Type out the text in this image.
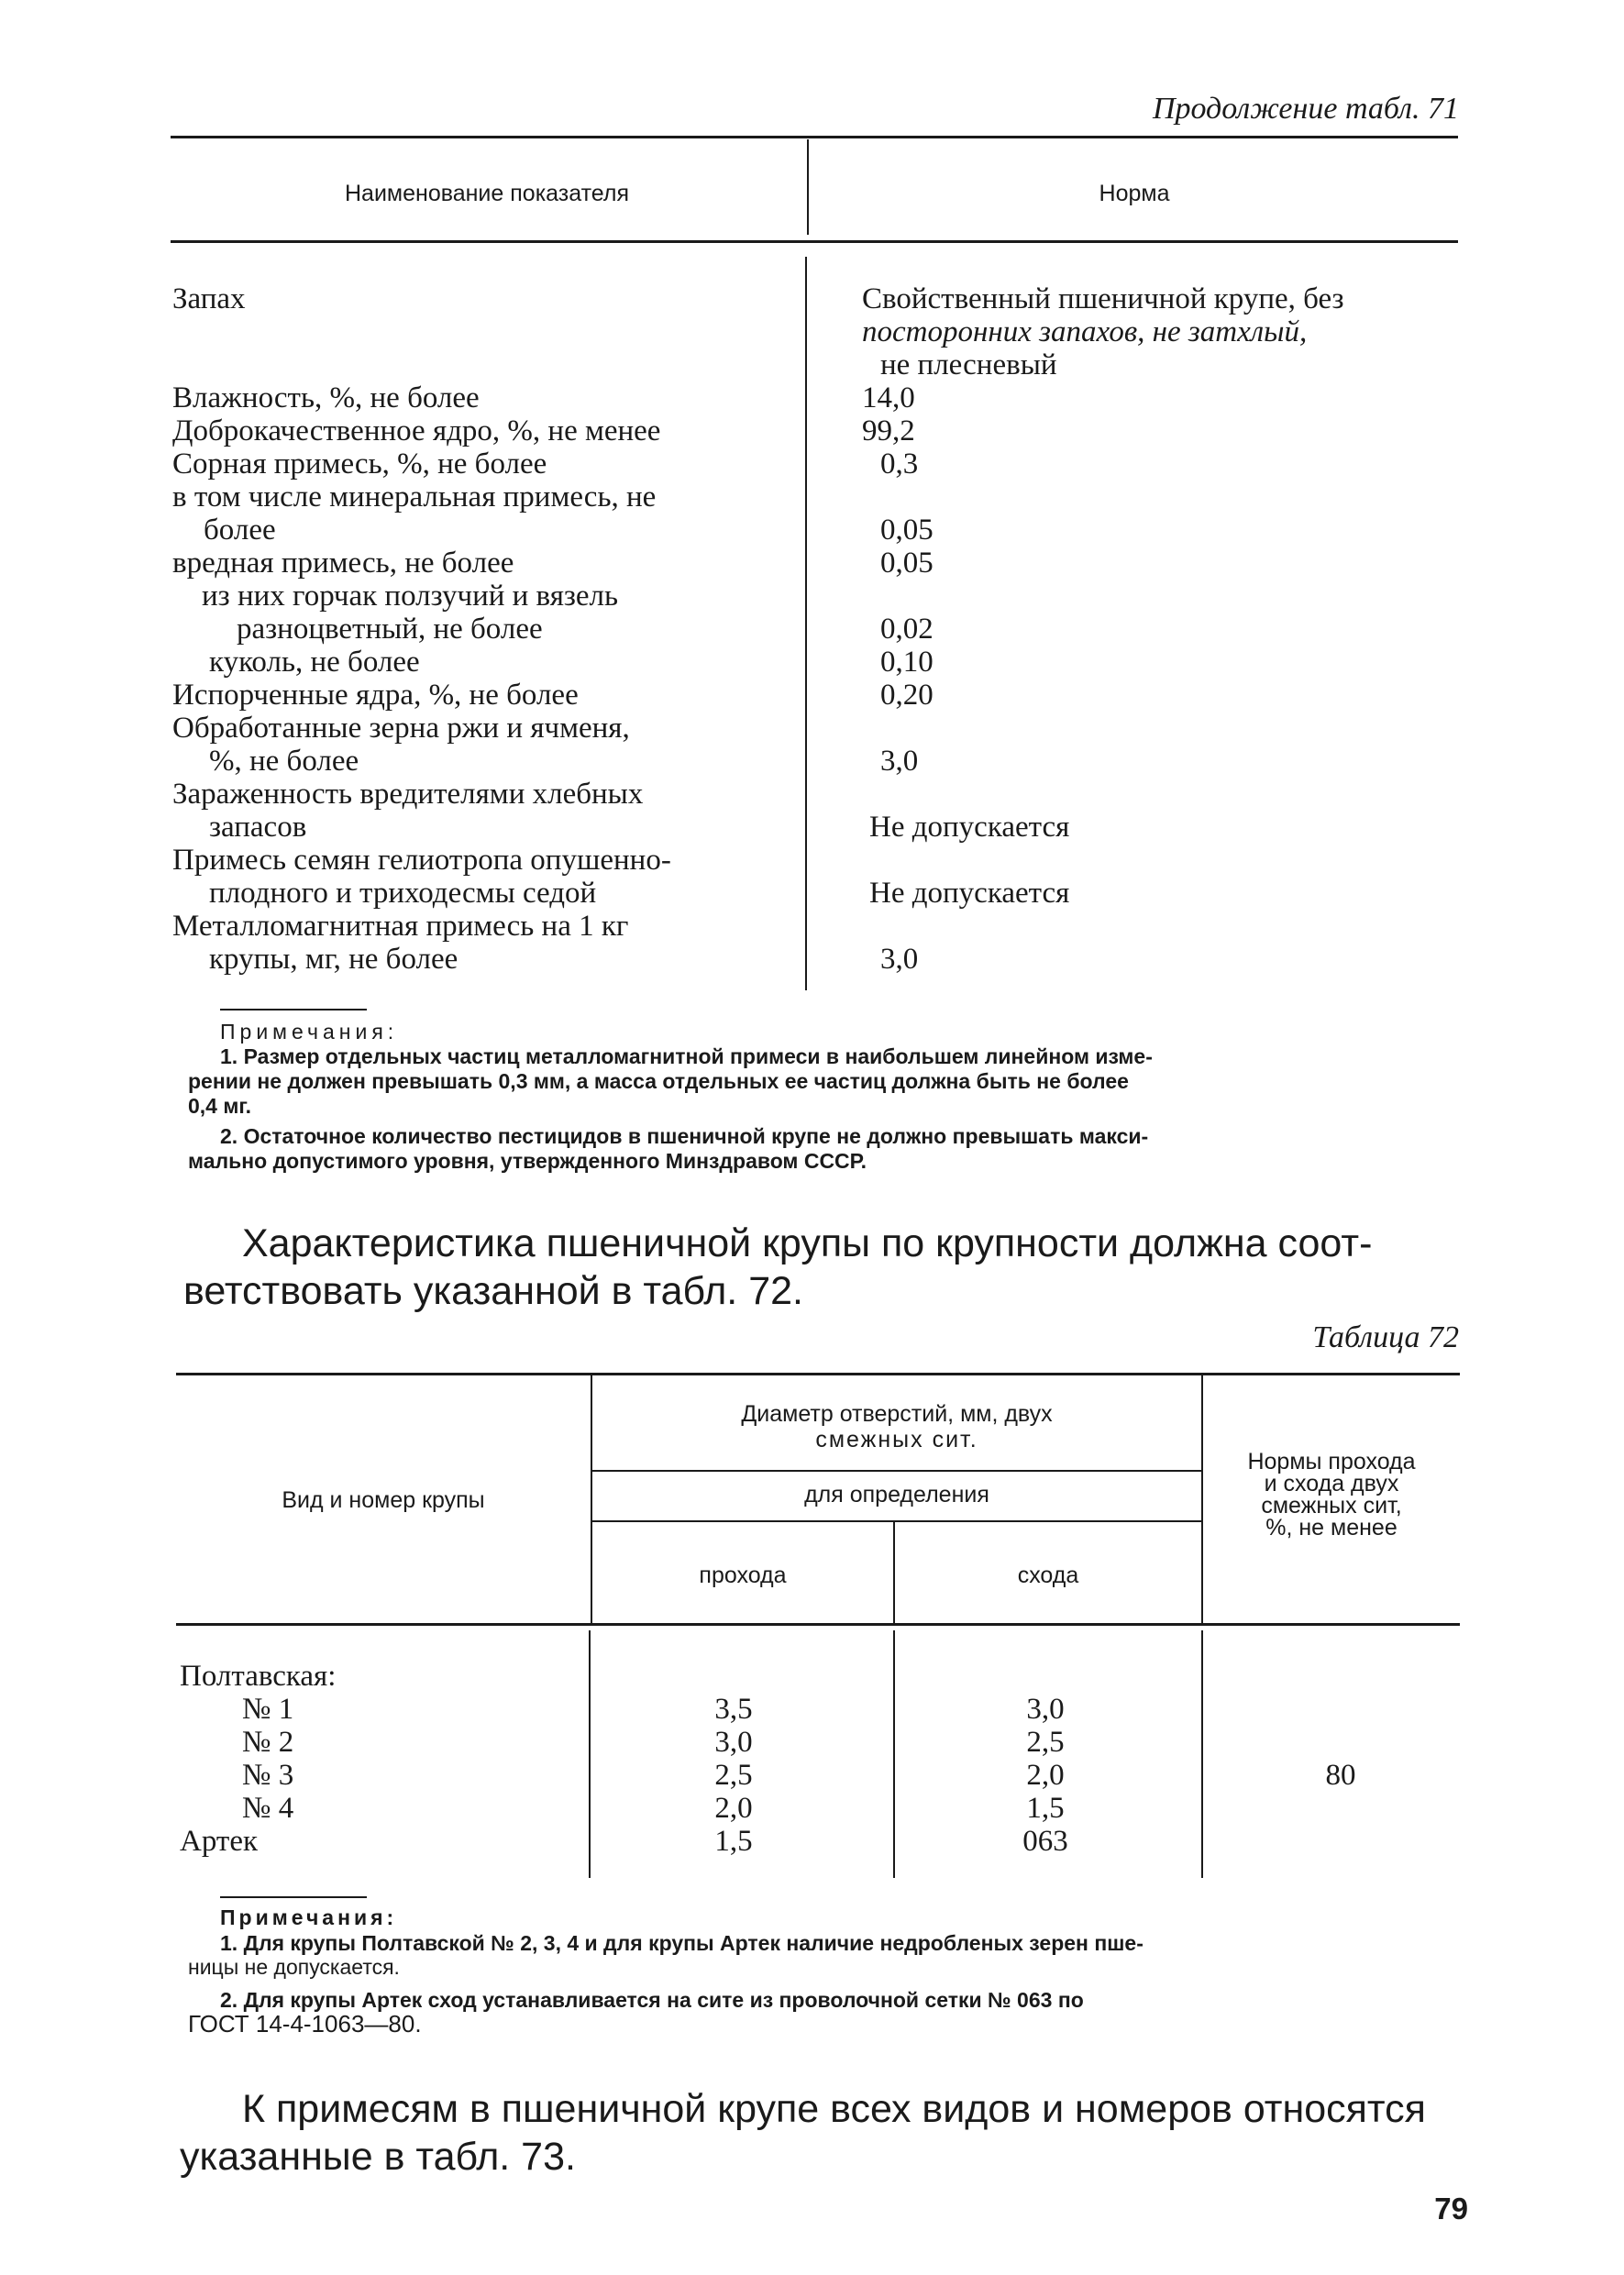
Продолжение табл. 71
Наименование показателя	Норма
Запах	Свойственный пшеничной крупе, без
посторонних запахов, не затхлый,
не плесневый
Влажность, %, не более	14,0
Доброкачественное ядро, %, не менее	99,2
Сорная примесь, %, не более	0,3
в том числе минеральная примесь, не
более	0,05
вредная примесь, не более	0,05
из них горчак ползучий и вязель
разноцветный, не более	0,02
куколь, не более	0,10
Испорченные ядра, %, не более	0,20
Обработанные зерна ржи и ячменя,
%, не более	3,0
Зараженность вредителями хлебных
запасов	Не допускается
Примесь семян гелиотропа опушенно-
плодного и триходесмы седой	Не допускается
Металломагнитная примесь на 1 кг
крупы, мг, не более	3,0
Примечания:
1. Размер отдельных частиц металломагнитной примеси в наибольшем линейном изме-
рении не должен превышать 0,3 мм, а масса отдельных ее частиц должна быть не более
0,4 мг.
2. Остаточное количество пестицидов в пшеничной крупе не должно превышать макси-
мально допустимого уровня, утвержденного Минздравом СССР.
Характеристика пшеничной крупы по крупности должна соот-
ветствовать указанной в табл. 72.
Таблица 72
Вид и номер крупы
Диаметр отверстий, мм, двух
смежных сит.
для определения
прохода	схода
Нормы прохода
и схода двух
смежных сит,
%, не менее
Полтавская:
№ 1	3,5	3,0
№ 2	3,0	2,5
№ 3	2,5	2,0
№ 4	2,0	1,5
Артек	1,5	063
80
Примечания:
1. Для крупы Полтавской № 2, 3, 4 и для крупы Артек наличие недробленых зерен пше-
ницы не допускается.
2. Для крупы Артек сход устанавливается на сите из проволочной сетки № 063 по
ГОСТ 14-4-1063—80.
К примесям в пшеничной крупе всех видов и номеров относятся
указанные в табл. 73.
79
